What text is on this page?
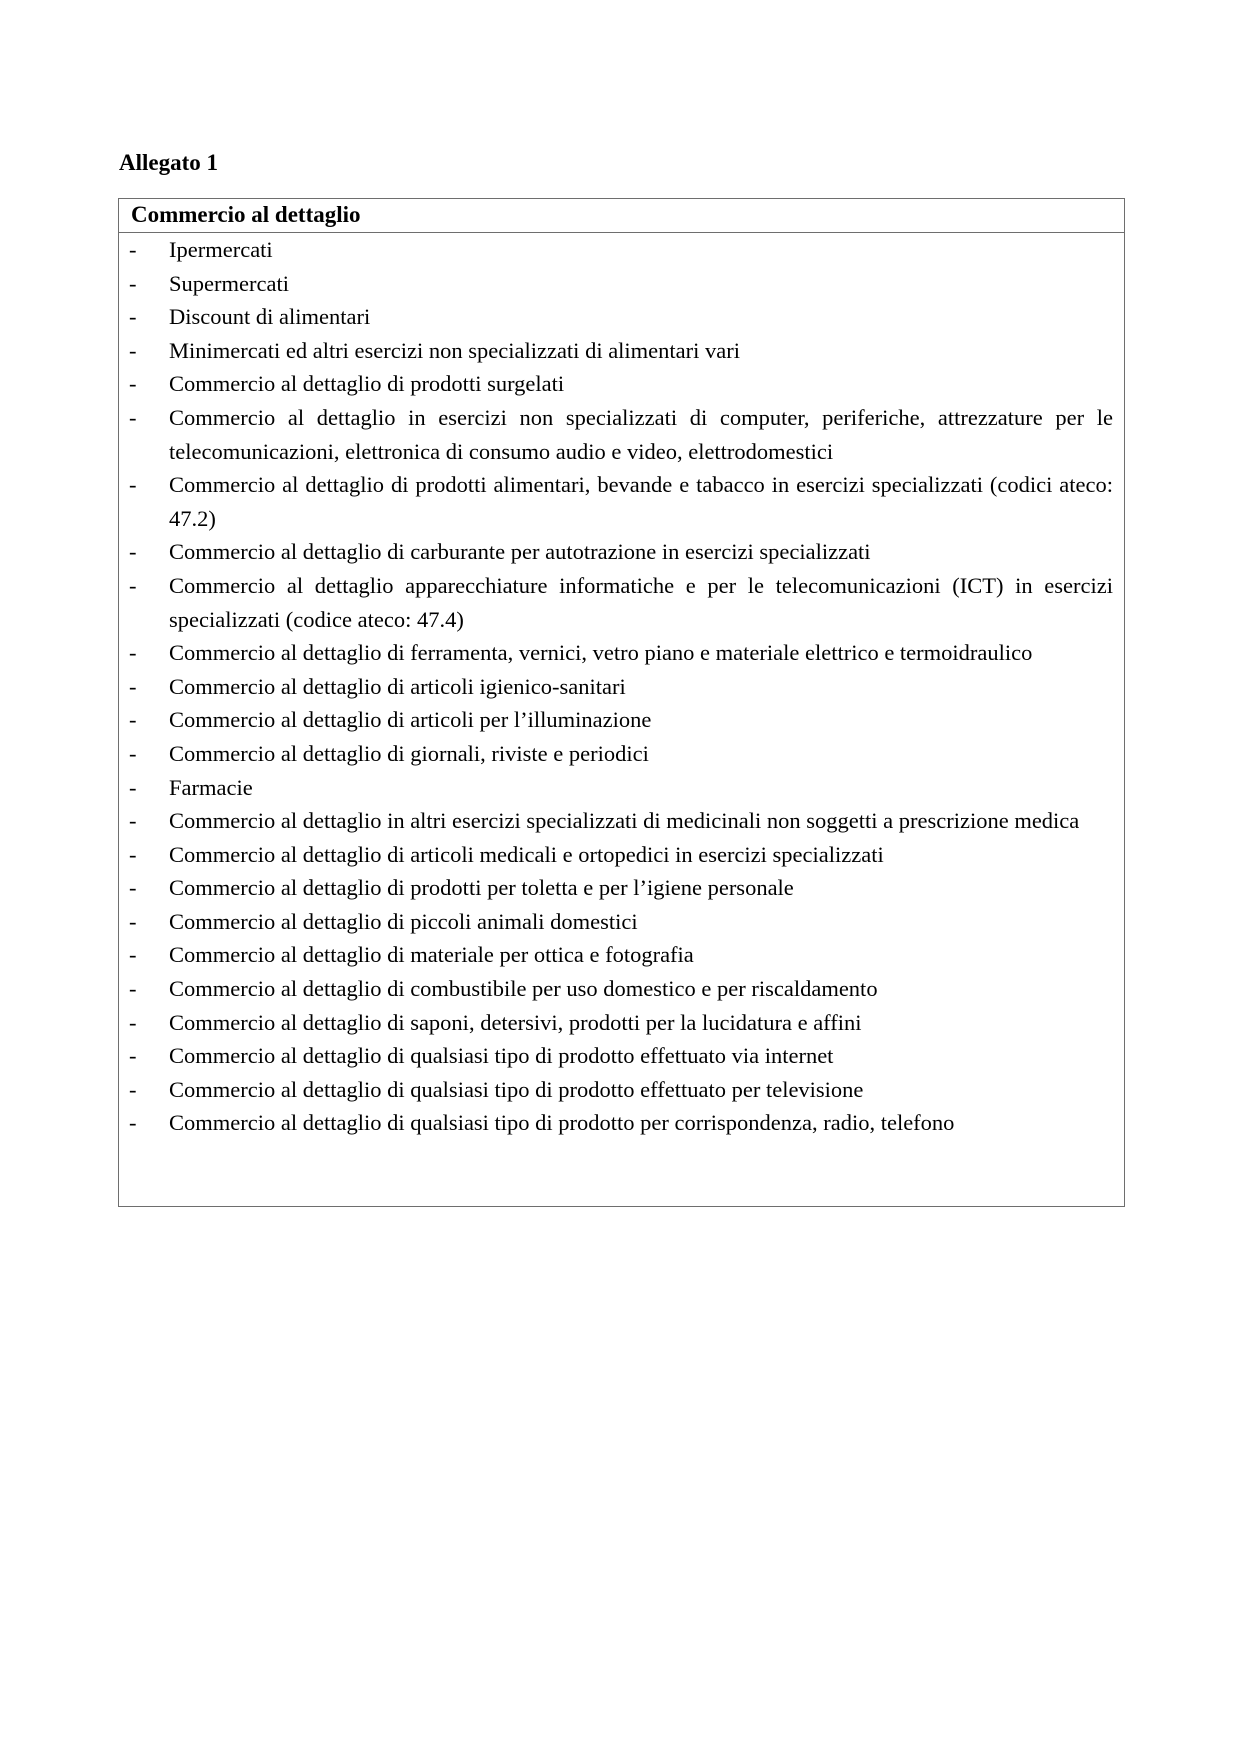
Allegato 1
Commercio al dettaglio
- Ipermercati
- Supermercati
- Discount di alimentari
- Minimercati ed altri esercizi non specializzati di alimentari vari
- Commercio al dettaglio di prodotti surgelati
- Commercio al dettaglio in esercizi non specializzati di computer, periferiche, attrezzature per le telecomunicazioni, elettronica di consumo audio e video, elettrodomestici
- Commercio al dettaglio di prodotti alimentari, bevande e tabacco in esercizi specializzati (codici ateco: 47.2)
- Commercio al dettaglio di carburante per autotrazione in esercizi specializzati
- Commercio al dettaglio apparecchiature informatiche e per le telecomunicazioni (ICT) in esercizi specializzati (codice ateco: 47.4)
- Commercio al dettaglio di ferramenta, vernici, vetro piano e materiale elettrico e termoidraulico
- Commercio al dettaglio di articoli igienico-sanitari
- Commercio al dettaglio di articoli per l’illuminazione
- Commercio al dettaglio di giornali, riviste e periodici
- Farmacie
- Commercio al dettaglio in altri esercizi specializzati di medicinali non soggetti a prescrizione medica
- Commercio al dettaglio di articoli medicali e ortopedici in esercizi specializzati
- Commercio al dettaglio di prodotti per toletta e per l’igiene personale
- Commercio al dettaglio di piccoli animali domestici
- Commercio al dettaglio di materiale per ottica e fotografia
- Commercio al dettaglio di combustibile per uso domestico e per riscaldamento
- Commercio al dettaglio di saponi, detersivi, prodotti per la lucidatura e affini
- Commercio al dettaglio di qualsiasi tipo di prodotto effettuato via internet
- Commercio al dettaglio di qualsiasi tipo di prodotto effettuato per televisione
- Commercio al dettaglio di qualsiasi tipo di prodotto per corrispondenza, radio, telefono
